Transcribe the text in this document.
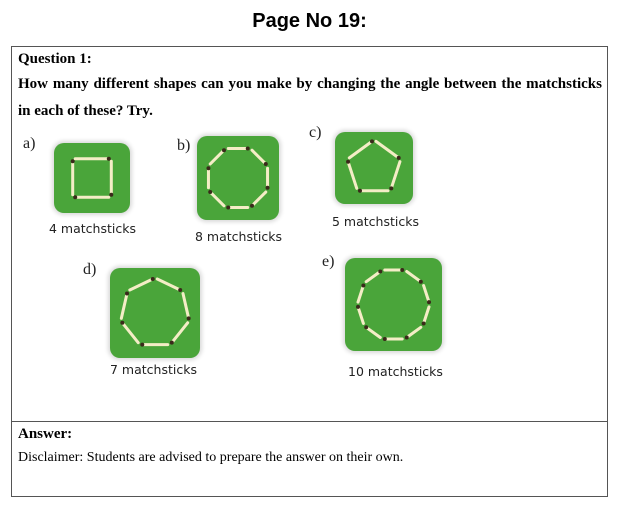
Page No 19:
Question 1:
How many different shapes can you make by changing the angle between the matchsticks
in each of these? Try.
a)
4 matchsticks
b)
8 matchsticks
c)
5 matchsticks
d)
7 matchsticks
e)
10 matchsticks
Answer:
Disclaimer: Students are advised to prepare the answer on their own.
